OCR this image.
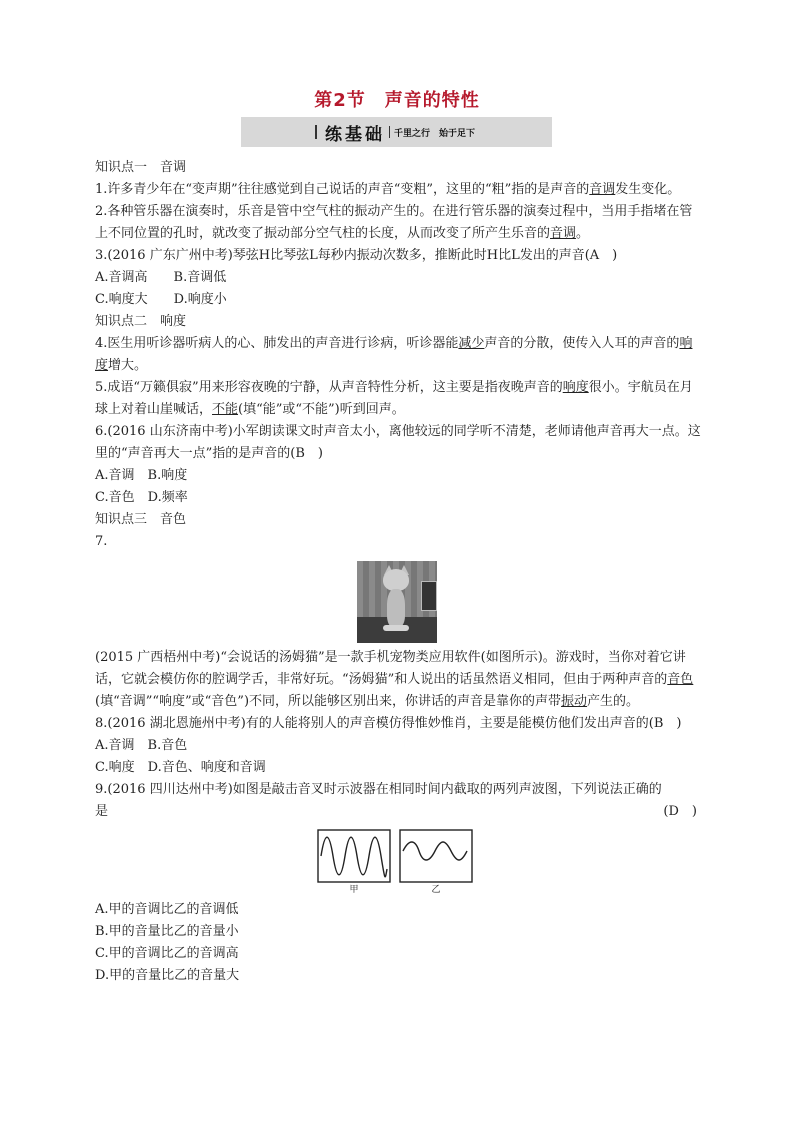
第2节　声音的特性
练基础 千里之行　始于足下

知识点一　音调

1.许多青少年在“变声期”往往感觉到自己说话的声音“变粗”，这里的“粗”指的是声音的音调发生变化。

2.各种管乐器在演奏时，乐音是管中空气柱的振动产生的。在进行管乐器的演奏过程中，当用手指堵在管上不同位置的孔时，就改变了振动部分空气柱的长度，从而改变了所产生乐音的音调。

3.(2016 广东广州中考)琴弦H比琴弦L每秒内振动次数多，推断此时H比L发出的声音(A　)

A.音调高　　B.音调低

C.响度大　　D.响度小

知识点二　响度

4.医生用听诊器听病人的心、肺发出的声音进行诊病，听诊器能减少声音的分散，使传入人耳的声音的响度增大。

5.成语“万籁俱寂”用来形容夜晚的宁静，从声音特性分析，这主要是指夜晚声音的响度很小。宇航员在月球上对着山崖喊话，不能(填“能”或“不能”)听到回声。

6.(2016 山东济南中考)小军朗读课文时声音太小，离他较远的同学听不清楚，老师请他声音再大一点。这里的“声音再大一点”指的是声音的(B　)

A.音调　B.响度

C.音色　D.频率

知识点三　音色

7.

(2015 广西梧州中考)“会说话的汤姆猫”是一款手机宠物类应用软件(如图所示)。游戏时，当你对着它讲话，它就会模仿你的腔调学舌，非常好玩。“汤姆猫”和人说出的话虽然语义相同，但由于两种声音的音色(填“音调”“响度”或“音色”)不同，所以能够区别出来，你讲话的声音是靠你的声带振动产生的。

8.(2016 湖北恩施州中考)有的人能将别人的声音模仿得惟妙惟肖，主要是能模仿他们发出声音的(B　)

A.音调　B.音色

C.响度　D.音色、响度和音调

9.(2016 四川达州中考)如图是敲击音叉时示波器在相同时间内截取的两列声波图，下列说法正确的

是	(D　)

甲	乙

A.甲的音调比乙的音调低

B.甲的音量比乙的音量小

C.甲的音调比乙的音调高

D.甲的音量比乙的音量大
